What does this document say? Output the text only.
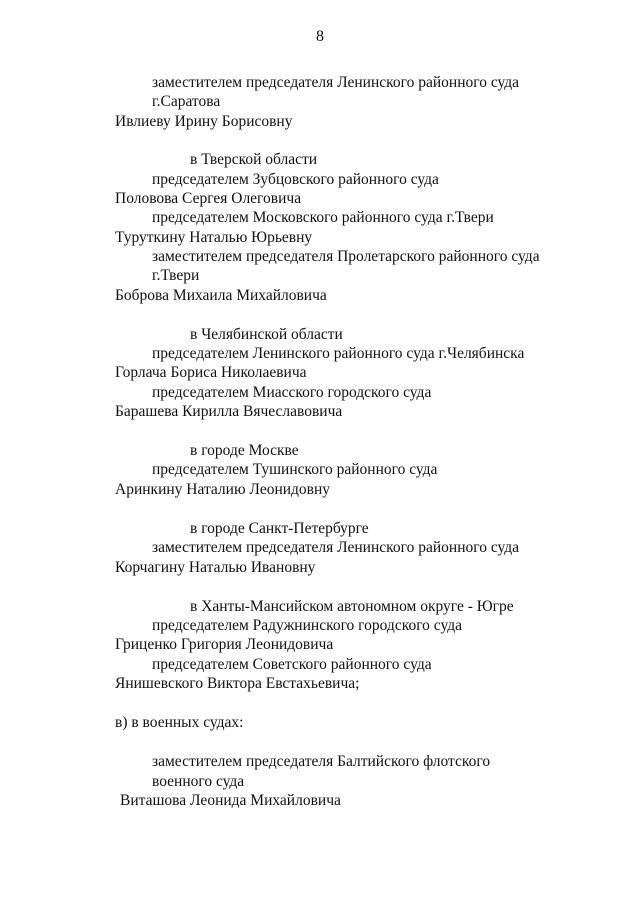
8
заместителем председателя Ленинского районного суда
г.Саратова
Ивлиеву Ирину Борисовну
в Тверской области
председателем Зубцовского районного суда
Половова Сергея Олеговича
председателем Московского районного суда г.Твери
Туруткину Наталью Юрьевну
заместителем председателя Пролетарского районного суда
г.Твери
Боброва Михаила Михайловича
в Челябинской области
председателем Ленинского районного суда г.Челябинска
Горлача Бориса Николаевича
председателем Миасского городского суда
Барашева Кирилла Вячеславовича
в городе Москве
председателем Тушинского районного суда
Аринкину Наталию Леонидовну
в городе Санкт-Петербурге
заместителем председателя Ленинского районного суда
Корчагину Наталью Ивановну
в Ханты-Мансийском автономном округе - Югре
председателем Радужнинского городского суда
Гриценко Григория Леонидовича
председателем Советского районного суда
Янишевского Виктора Евстахьевича;
в) в военных судах:
заместителем председателя Балтийского флотского
военного суда
Виташова Леонида Михайловича
